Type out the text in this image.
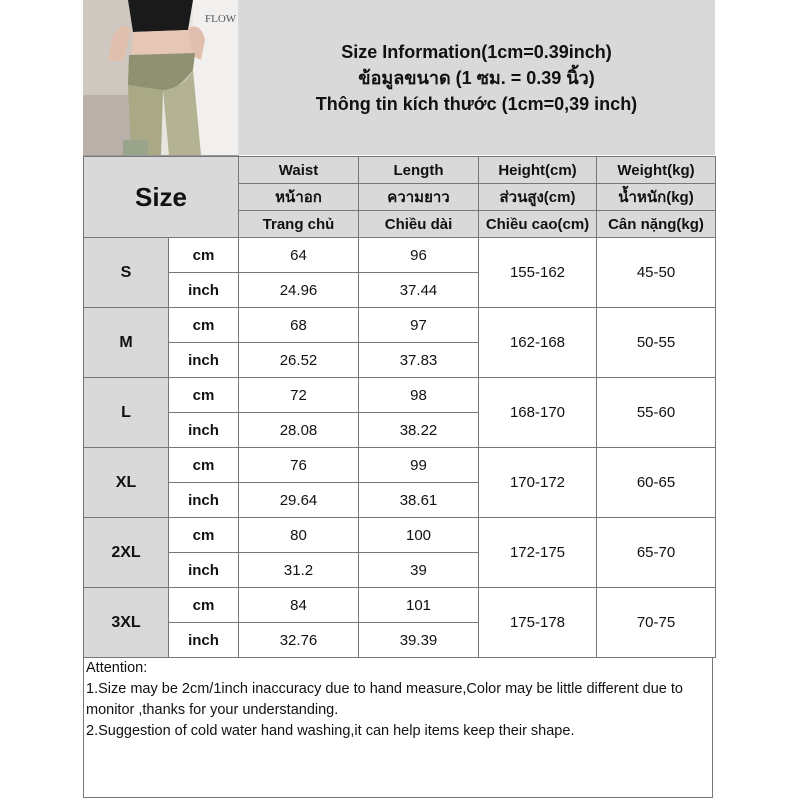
FLOW
Size Information(1cm=0.39inch)
ข้อมูลขนาด (1 ซม. = 0.39 นิ้ว)
Thông tin kích thước (1cm=0,39 inch)
Size		Waist	Length	Height(cm)	Weight(kg)
		หน้าอก	ความยาว	ส่วนสูง(cm)	น้ำหนัก(kg)
		Trang chủ	Chiều dài	Chiều cao(cm)	Cân nặng(kg)
S	cm	64	96	155-162	45-50
	inch	24.96	37.44		
M	cm	68	97	162-168	50-55
	inch	26.52	37.83		
L	cm	72	98	168-170	55-60
	inch	28.08	38.22		
XL	cm	76	99	170-172	60-65
	inch	29.64	38.61		
2XL	cm	80	100	172-175	65-70
	inch	31.2	39		
3XL	cm	84	101	175-178	70-75
	inch	32.76	39.39		
Attention:
1.Size may be 2cm/1inch inaccuracy due to hand measure,Color may be little different due to monitor ,thanks for your understanding.
2.Suggestion of cold water hand washing,it can help items keep their shape.
